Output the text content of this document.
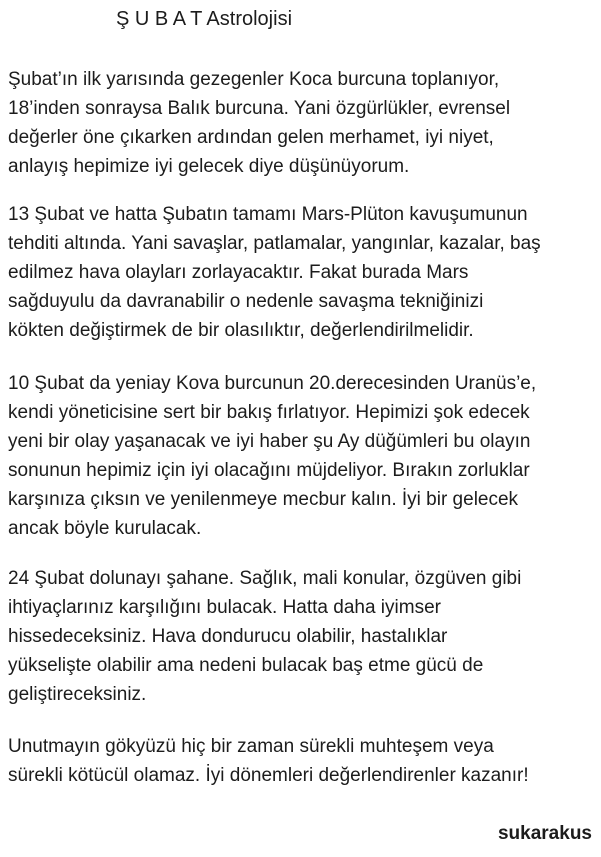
Ş U B A T Astrolojisi
Şubat’ın ilk yarısında gezegenler Koca burcuna toplanıyor,
18’inden sonraysa Balık burcuna. Yani özgürlükler, evrensel
değerler öne çıkarken ardından gelen merhamet, iyi niyet,
anlayış hepimize iyi gelecek diye düşünüyorum.
13 Şubat ve hatta Şubatın tamamı Mars-Plüton kavuşumunun
tehditi altında. Yani savaşlar, patlamalar, yangınlar, kazalar, baş
edilmez hava olayları zorlayacaktır. Fakat burada Mars
sağduyulu da davranabilir o nedenle savaşma tekniğinizi
kökten değiştirmek de bir olasılıktır, değerlendirilmelidir.
10 Şubat da yeniay Kova burcunun 20.derecesinden Uranüs’e,
kendi yöneticisine sert bir bakış fırlatıyor. Hepimizi şok edecek
yeni bir olay yaşanacak ve iyi haber şu Ay düğümleri bu olayın
sonunun hepimiz için iyi olacağını müjdeliyor. Bırakın zorluklar
karşınıza çıksın ve yenilenmeye mecbur kalın. İyi bir gelecek
ancak böyle kurulacak.
24 Şubat dolunayı şahane. Sağlık, mali konular, özgüven gibi
ihtiyaçlarınız karşılığını bulacak. Hatta daha iyimser
hissedeceksiniz. Hava dondurucu olabilir, hastalıklar
yükselişte olabilir ama nedeni bulacak baş etme gücü de
geliştireceksiniz.
Unutmayın gökyüzü hiç bir zaman sürekli muhteşem veya
sürekli kötücül olamaz. İyi dönemleri değerlendirenler kazanır!
sukarakus
